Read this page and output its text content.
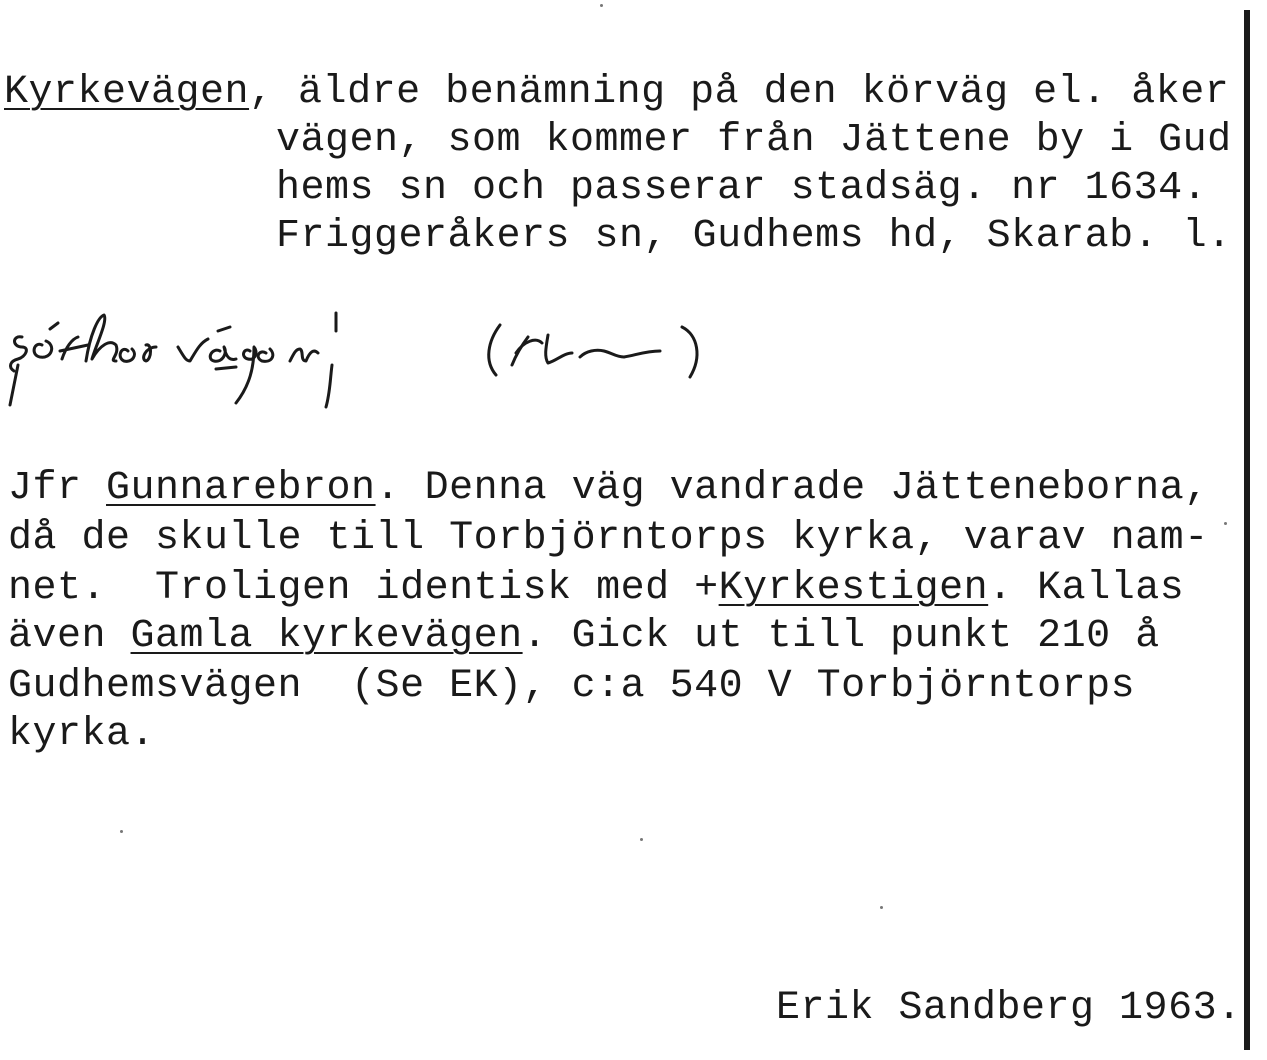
Kyrkevägen, äldre benämning på den körväg el. åker
vägen, som kommer från Jättene by i Gud
hems sn och passerar stadsäg. nr 1634.
Friggeråkers sn, Gudhems hd, Skarab. l.
Jfr Gunnarebron. Denna väg vandrade Jätteneborna,
då de skulle till Torbjörntorps kyrka, varav nam-
net.  Troligen identisk med +Kyrkestigen. Kallas
även Gamla kyrkevägen. Gick ut till punkt 210 å
Gudhemsvägen  (Se EK), c:a 540 V Torbjörntorps
kyrka.
Erik Sandberg 1963.
